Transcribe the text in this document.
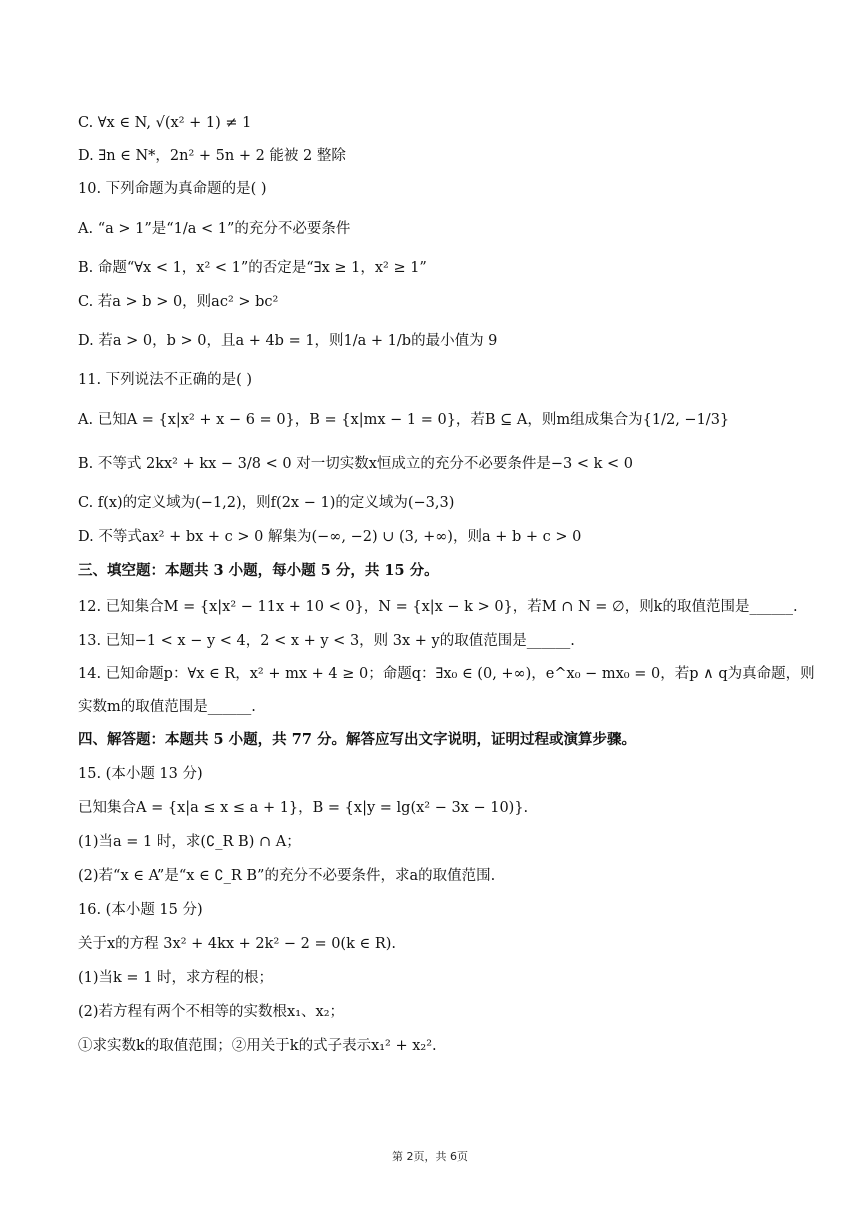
C. ∀x ∈ N, √(x² + 1) ≠ 1
D. ∃n ∈ N*，2n² + 5n + 2 能被 2 整除
10. 下列命题为真命题的是( )
A. “a > 1”是“1/a < 1”的充分不必要条件
B. 命题“∀x < 1，x² < 1”的否定是“∃x ≥ 1，x² ≥ 1”
C. 若a > b > 0，则ac² > bc²
D. 若a > 0，b > 0，且a + 4b = 1，则1/a + 1/b的最小值为 9
11. 下列说法不正确的是( )
A. 已知A = {x|x² + x − 6 = 0}，B = {x|mx − 1 = 0}，若B ⊆ A，则m组成集合为{1/2, −1/3}
B. 不等式 2kx² + kx − 3/8 < 0 对一切实数x恒成立的充分不必要条件是−3 < k < 0
C. f(x)的定义域为(−1,2)，则f(2x − 1)的定义域为(−3,3)
D. 不等式ax² + bx + c > 0 解集为(−∞, −2) ∪ (3, +∞)，则a + b + c > 0
三、填空题：本题共 3 小题，每小题 5 分，共 15 分。
12. 已知集合M = {x|x² − 11x + 10 < 0}，N = {x|x − k > 0}，若M ∩ N = ∅，则k的取值范围是______.
13. 已知−1 < x − y < 4，2 < x + y < 3，则 3x + y的取值范围是______.
14. 已知命题p：∀x ∈ R，x² + mx + 4 ≥ 0；命题q：∃x₀ ∈ (0, +∞)，e^x₀ − mx₀ = 0，若p ∧ q为真命题，则
实数m的取值范围是______.
四、解答题：本题共 5 小题，共 77 分。解答应写出文字说明，证明过程或演算步骤。
15. (本小题 13 分)
已知集合A = {x|a ≤ x ≤ a + 1}，B = {x|y = lg(x² − 3x − 10)}.
(1)当a = 1 时，求(∁_R B) ∩ A；
(2)若“x ∈ A”是“x ∈ ∁_R B”的充分不必要条件，求a的取值范围.
16. (本小题 15 分)
关于x的方程 3x² + 4kx + 2k² − 2 = 0(k ∈ R).
(1)当k = 1 时，求方程的根；
(2)若方程有两个不相等的实数根x₁、x₂；
①求实数k的取值范围；②用关于k的式子表示x₁² + x₂².
第 2页，共 6页
